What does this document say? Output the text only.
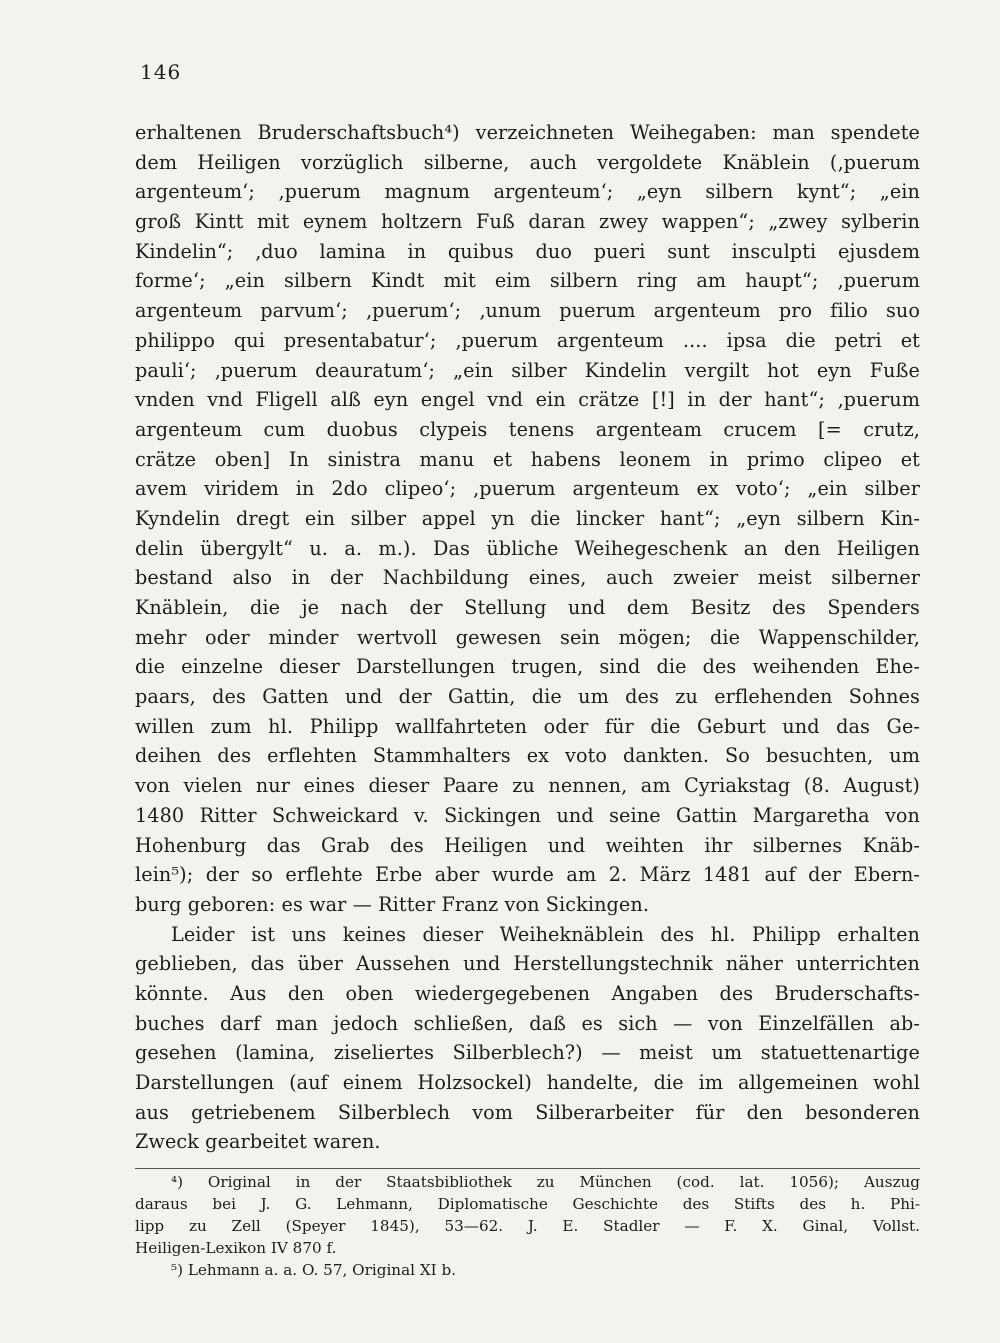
146
erhaltenen Bruderschaftsbuch⁴) verzeichneten Weihegaben: man spendete
dem Heiligen vorzüglich silberne, auch vergoldete Knäblein (‚puerum
argenteum‘; ‚puerum magnum argenteum‘; „eyn silbern kynt“; „ein
groß Kintt mit eynem holtzern Fuß daran zwey wappen“; „zwey sylberin
Kindelin“; ‚duo lamina in quibus duo pueri sunt insculpti ejusdem
forme‘; „ein silbern Kindt mit eim silbern ring am haupt“; ‚puerum
argenteum parvum‘; ‚puerum‘; ‚unum puerum argenteum pro filio suo
philippo qui presentabatur‘; ‚puerum argenteum .... ipsa die petri et
pauli‘; ‚puerum deauratum‘; „ein silber Kindelin vergilt hot eyn Fuße
vnden vnd Fligell alß eyn engel vnd ein crätze [!] in der hant“; ‚puerum
argenteum cum duobus clypeis tenens argenteam crucem [= crutz,
crätze oben] In sinistra manu et habens leonem in primo clipeo et
avem viridem in 2do clipeo‘; ‚puerum argenteum ex voto‘; „ein silber
Kyndelin dregt ein silber appel yn die lincker hant“; „eyn silbern Kin-
delin übergylt“ u. a. m.). Das übliche Weihegeschenk an den Heiligen
bestand also in der Nachbildung eines, auch zweier meist silberner
Knäblein, die je nach der Stellung und dem Besitz des Spenders
mehr oder minder wertvoll gewesen sein mögen; die Wappenschilder,
die einzelne dieser Darstellungen trugen, sind die des weihenden Ehe-
paars, des Gatten und der Gattin, die um des zu erflehenden Sohnes
willen zum hl. Philipp wallfahrteten oder für die Geburt und das Ge-
deihen des erflehten Stammhalters ex voto dankten. So besuchten, um
von vielen nur eines dieser Paare zu nennen, am Cyriakstag (8. August)
1480 Ritter Schweickard v. Sickingen und seine Gattin Margaretha von
Hohenburg das Grab des Heiligen und weihten ihr silbernes Knäb-
lein⁵); der so erflehte Erbe aber wurde am 2. März 1481 auf der Ebern-
burg geboren: es war — Ritter Franz von Sickingen.
Leider ist uns keines dieser Weiheknäblein des hl. Philipp erhalten
geblieben, das über Aussehen und Herstellungstechnik näher unterrichten
könnte. Aus den oben wiedergegebenen Angaben des Bruderschafts-
buches darf man jedoch schließen, daß es sich — von Einzelfällen ab-
gesehen (lamina, ziseliertes Silberblech?) — meist um statuettenartige
Darstellungen (auf einem Holzsockel) handelte, die im allgemeinen wohl
aus getriebenem Silberblech vom Silberarbeiter für den besonderen
Zweck gearbeitet waren.
⁴) Original in der Staatsbibliothek zu München (cod. lat. 1056); Auszug
daraus bei J. G. Lehmann, Diplomatische Geschichte des Stifts des h. Phi-
lipp zu Zell (Speyer 1845), 53—62. J. E. Stadler — F. X. Ginal, Vollst.
Heiligen-Lexikon IV 870 f.
⁵) Lehmann a. a. O. 57, Original XI b.
